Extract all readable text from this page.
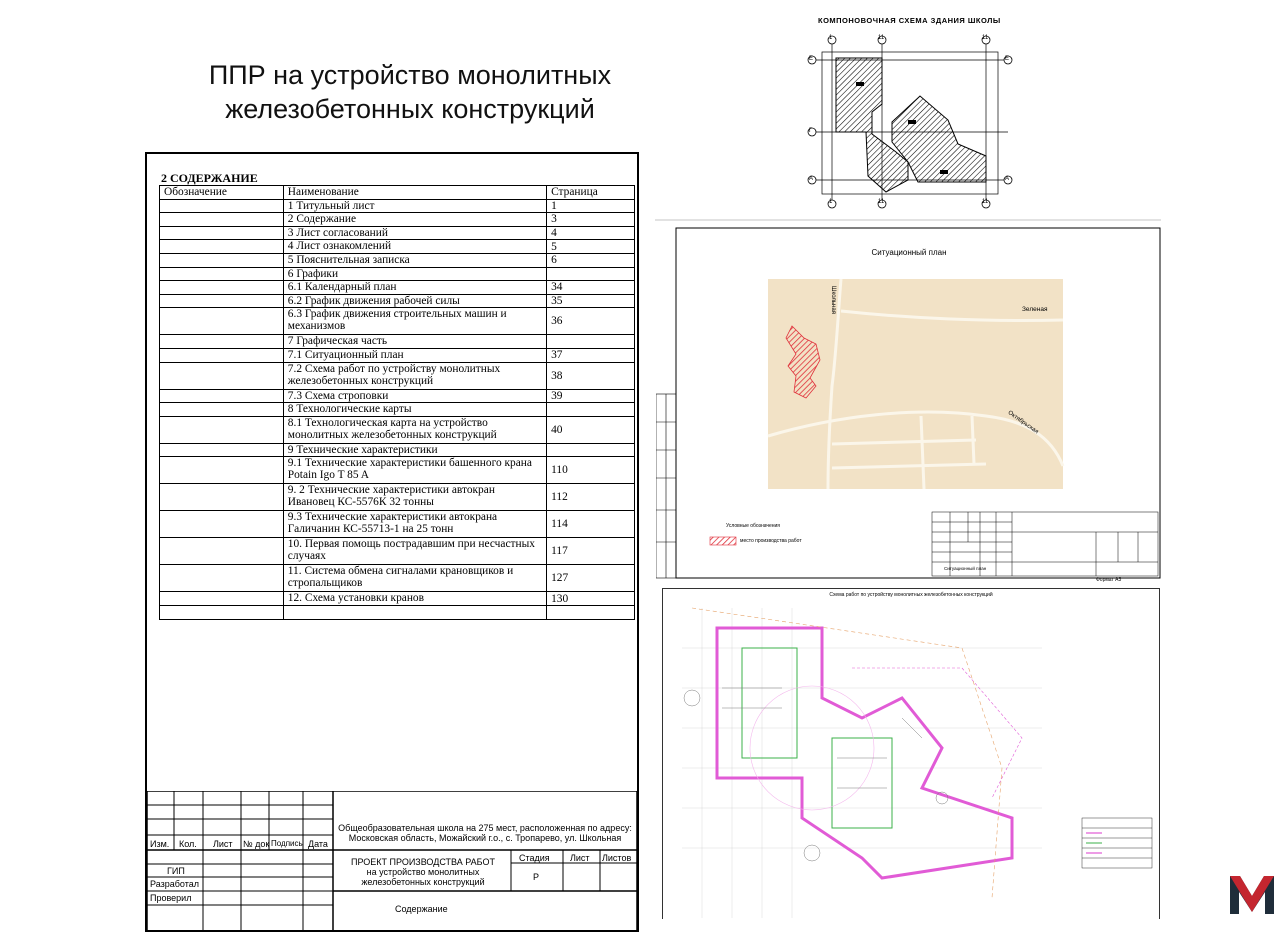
ППР на устройство монолитных
железобетонных конструкций
2 СОДЕРЖАНИЕ
Обозначение	Наименование	Страница
	1 Титульный лист	1
	2 Содержание	3
	3 Лист согласований	4
	4 Лист ознакомлений	5
	5 Пояснительная записка	6
	6 Графики	
	6.1 Календарный план	34
	6.2 График движения рабочей силы	35
	6.3 График движения строительных машин и механизмов	36
	7 Графическая часть	
	7.1 Ситуационный план	37
	7.2 Схема работ по устройству монолитных железобетонных конструкций	38
	7.3 Схема строповки	39
	8 Технологические карты	
	8.1 Технологическая карта на устройство монолитных железобетонных конструкций	40
	9 Технические характеристики	
	9.1 Технические характеристики башенного крана Potain Igo T 85 A	110
	9. 2 Технические характеристики автокран Ивановец КС-5576К 32 тонны	112
	9.3 Технические характеристики автокрана Галичанин КС-55713-1 на 25 тонн	114
	10. Первая помощь пострадавшим при несчастных случаях	117
	11. Система обмена сигналами крановщиков и стропальщиков	127
	12. Схема установки кранов	130

Изм. Кол. Лист № док Подпись Дата
ГИП
Разработал
Проверил
Общеобразовательная школа на 275 мест, расположенная по адресу:
Московская область, Можайский г.о., с. Тропарево, ул. Школьная
ПРОЕКТ ПРОИЗВОДСТВА РАБОТ
на устройство монолитных
железобетонных конструкций
Стадия Лист Листов
Р
Содержание
КОМПОНОВОЧНАЯ СХЕМА ЗДАНИЯ ШКОЛЫ
1	11	11
Е
Г
А
Е
А
1	11	11
Ситуационный план
Школьная	Зеленая
Октябрьская
Условные обозначения
место производства работ
Ситуационный план
Формат А3
Схема работ по устройству монолитных железобетонных конструкций
